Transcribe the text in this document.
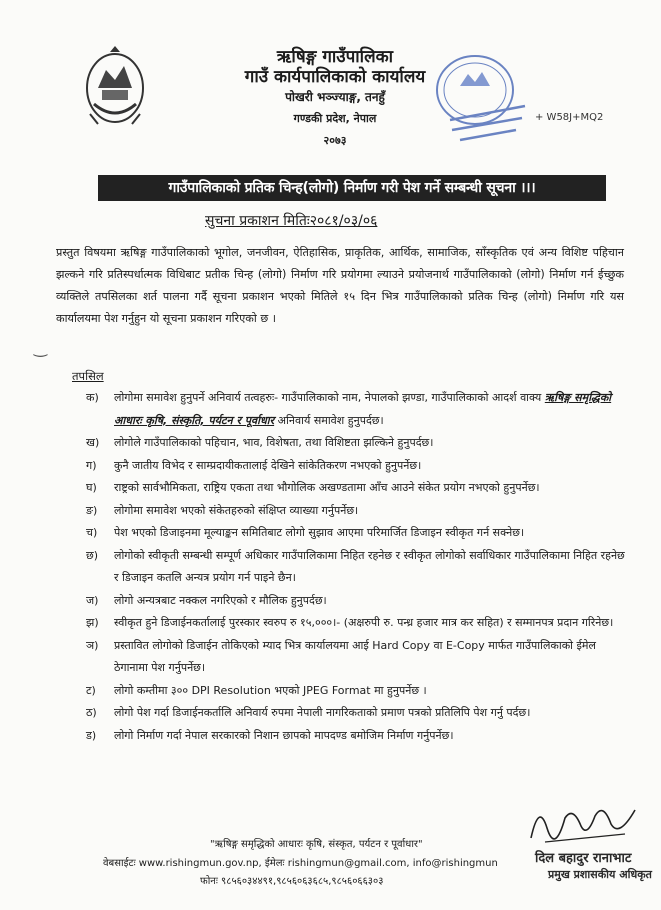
ऋषिङ्ग गाउँपालिका
गाउँ कार्यपालिकाको कार्यालय
पोखरी भञ्ज्याङ्ग, तनहुँ
गण्डकी प्रदेश, नेपाल
२०७३
+ W58J+MQ2
गाउँपालिकाको प्रतिक चिन्ह(लोगो) निर्माण गरी पेश गर्ने सम्बन्धी सूचना ।।।
सुचना प्रकाशन मितिः२०८१/०३/०६
प्रस्तुत विषयमा ऋषिङ्ग गाउँपालिकाको भूगोल, जनजीवन, ऐतिहासिक, प्राकृतिक, आर्थिक, सामाजिक, साँस्कृतिक एवं अन्य विशिष्ट पहिचान झल्कने गरि प्रतिस्पर्धात्मक विधिबाट प्रतीक चिन्ह (लोगो) निर्माण गरि प्रयोगमा ल्याउने प्रयोजनार्थ गाउँपालिकाको (लोगो) निर्माण गर्न ईच्छुक व्यक्तिले तपसिलका शर्त पालना गर्दै सूचना प्रकाशन भएको मितिले १५ दिन भित्र गाउँपालिकाको प्रतिक चिन्ह (लोगो) निर्माण गरि यस कार्यालयमा पेश गर्नुहुन यो सूचना प्रकाशन गरिएको छ ।
‿
तपसिल
क) लोगोमा समावेश हुनुपर्ने अनिवार्य तत्वहरुः- गाउँपालिकाको नाम, नेपालको झण्डा, गाउँपालिकाको आदर्श वाक्य ऋषिङ्ग समृद्धिको आधारः कृषि, संस्कृति, पर्यटन र पूर्वाधार अनिवार्य समावेश हुनुपर्दछ।
ख) लोगोले गाउँपालिकाको पहिचान, भाव, विशेषता, तथा विशिष्टता झल्किने हुनुपर्दछ।
ग) कुनै जातीय विभेद र साम्प्रदायीकतालाई देखिने सांकेतिकरण नभएको हुनुपर्नेछ।
घ) राष्ट्रको सार्वभौमिकता, राष्ट्रिय एकता तथा भौगोलिक अखण्डतामा आँच आउने संकेत प्रयोग नभएको हुनुपर्नेछ।
ङ) लोगोमा समावेश भएको संकेतहरुको संक्षिप्त व्याख्या गर्नुपर्नेछ।
च) पेश भएको डिजाइनमा मूल्याङ्कन समितिबाट लोगो सुझाव आएमा परिमार्जित डिजाइन स्वीकृत गर्न सक्नेछ।
छ) लोगोको स्वीकृती सम्बन्धी सम्पूर्ण अधिकार गाउँपालिकामा निहित रहनेछ र स्वीकृत लोगोको सर्वाधिकार गाउँपालिकामा निहित रहनेछ र डिजाइन कतलि अन्यत्र प्रयोग गर्न पाइने छैन।
ज) लोगो अन्यत्रबाट नक्कल नगरिएको र मौलिक हुनुपर्दछ।
झ) स्वीकृत हुने डिजाईनकर्तालाई पुरस्कार स्वरुप रु १५,०००।- (अक्षरुपी रु. पन्ध्र हजार मात्र कर सहित) र सम्मानपत्र प्रदान गरिनेछ।
ञ) प्रस्तावित लोगोको डिजाईन तोकिएको म्याद भित्र कार्यालयमा आई Hard Copy वा E-Copy मार्फत गाउँपालिकाको ईमेल ठेगानामा पेश गर्नुपर्नेछ।
ट) लोगो कम्तीमा ३०० DPI Resolution भएको JPEG Format मा हुनुपर्नेछ ।
ठ) लोगो पेश गर्दा डिजाईनकर्तालि अनिवार्य रुपमा नेपाली नागरिकताको प्रमाण पत्रको प्रतिलिपि पेश गर्नु पर्दछ।
ड) लोगो निर्माण गर्दा नेपाल सरकारको निशान छापको मापदण्ड बमोजिम निर्माण गर्नुपर्नेछ।
"ऋषिङ्ग समृद्धिको आधारः कृषि, संस्कृत, पर्यटन र पूर्वाधार"
वेबसाईटः www.rishingmun.gov.np, ईमेलः rishingmun@gmail.com, info@rishingmun
फोनः ९८५६०३४४९१,९८५६०६३६८५,९८५६०६६३०३
दिल बहादुर रानाभाट
प्रमुख प्रशासकीय अधिकृत
